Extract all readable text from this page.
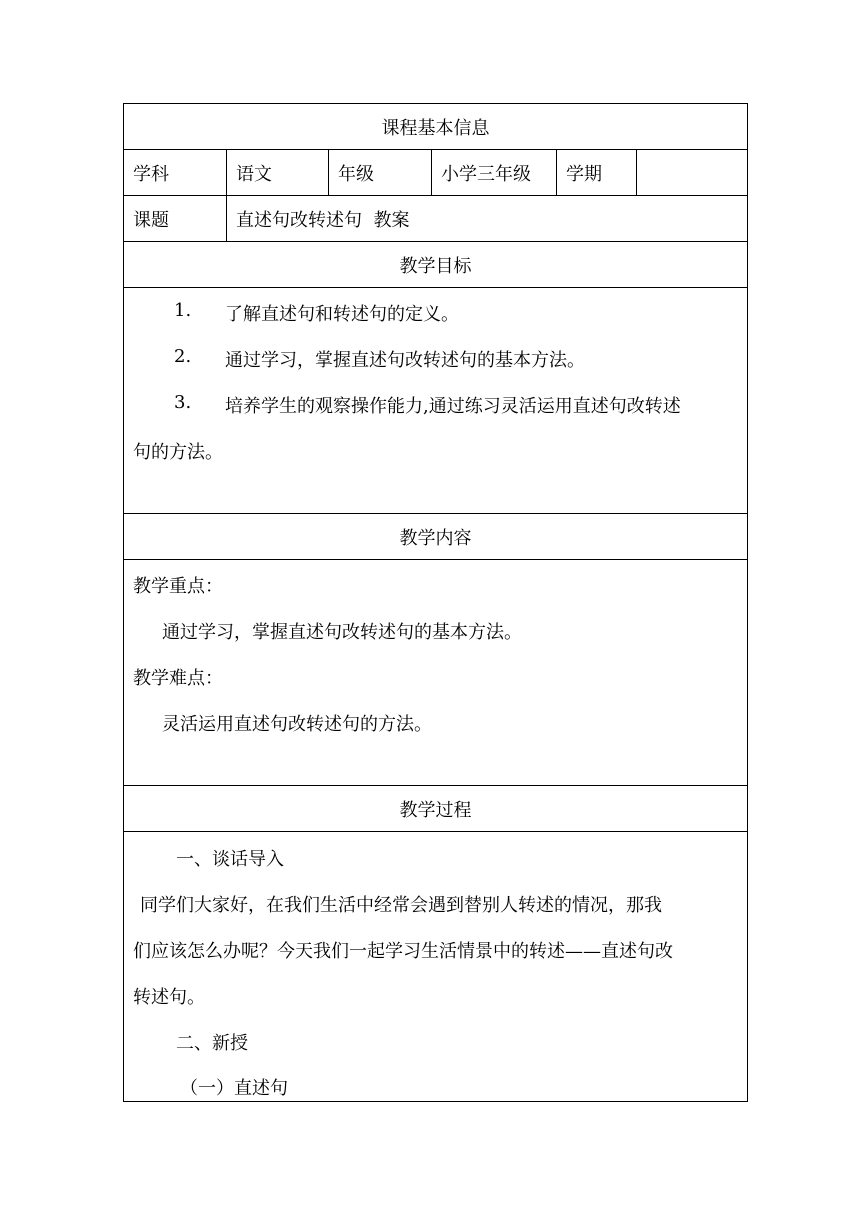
课程基本信息
学科	语文	年级	小学三年级	学期
课题	直述句改转述句  教案
教学目标
1. 了解直述句和转述句的定义。
2. 通过学习，掌握直述句改转述句的基本方法。
3. 培养学生的观察操作能力,通过练习灵活运用直述句改转述
句的方法。
教学内容
教学重点：
通过学习，掌握直述句改转述句的基本方法。
教学难点：
灵活运用直述句改转述句的方法。
教学过程
一、谈话导入
同学们大家好，在我们生活中经常会遇到替别人转述的情况，那我
们应该怎么办呢？今天我们一起学习生活情景中的转述——直述句改
转述句。
二、新授
（一）直述句
